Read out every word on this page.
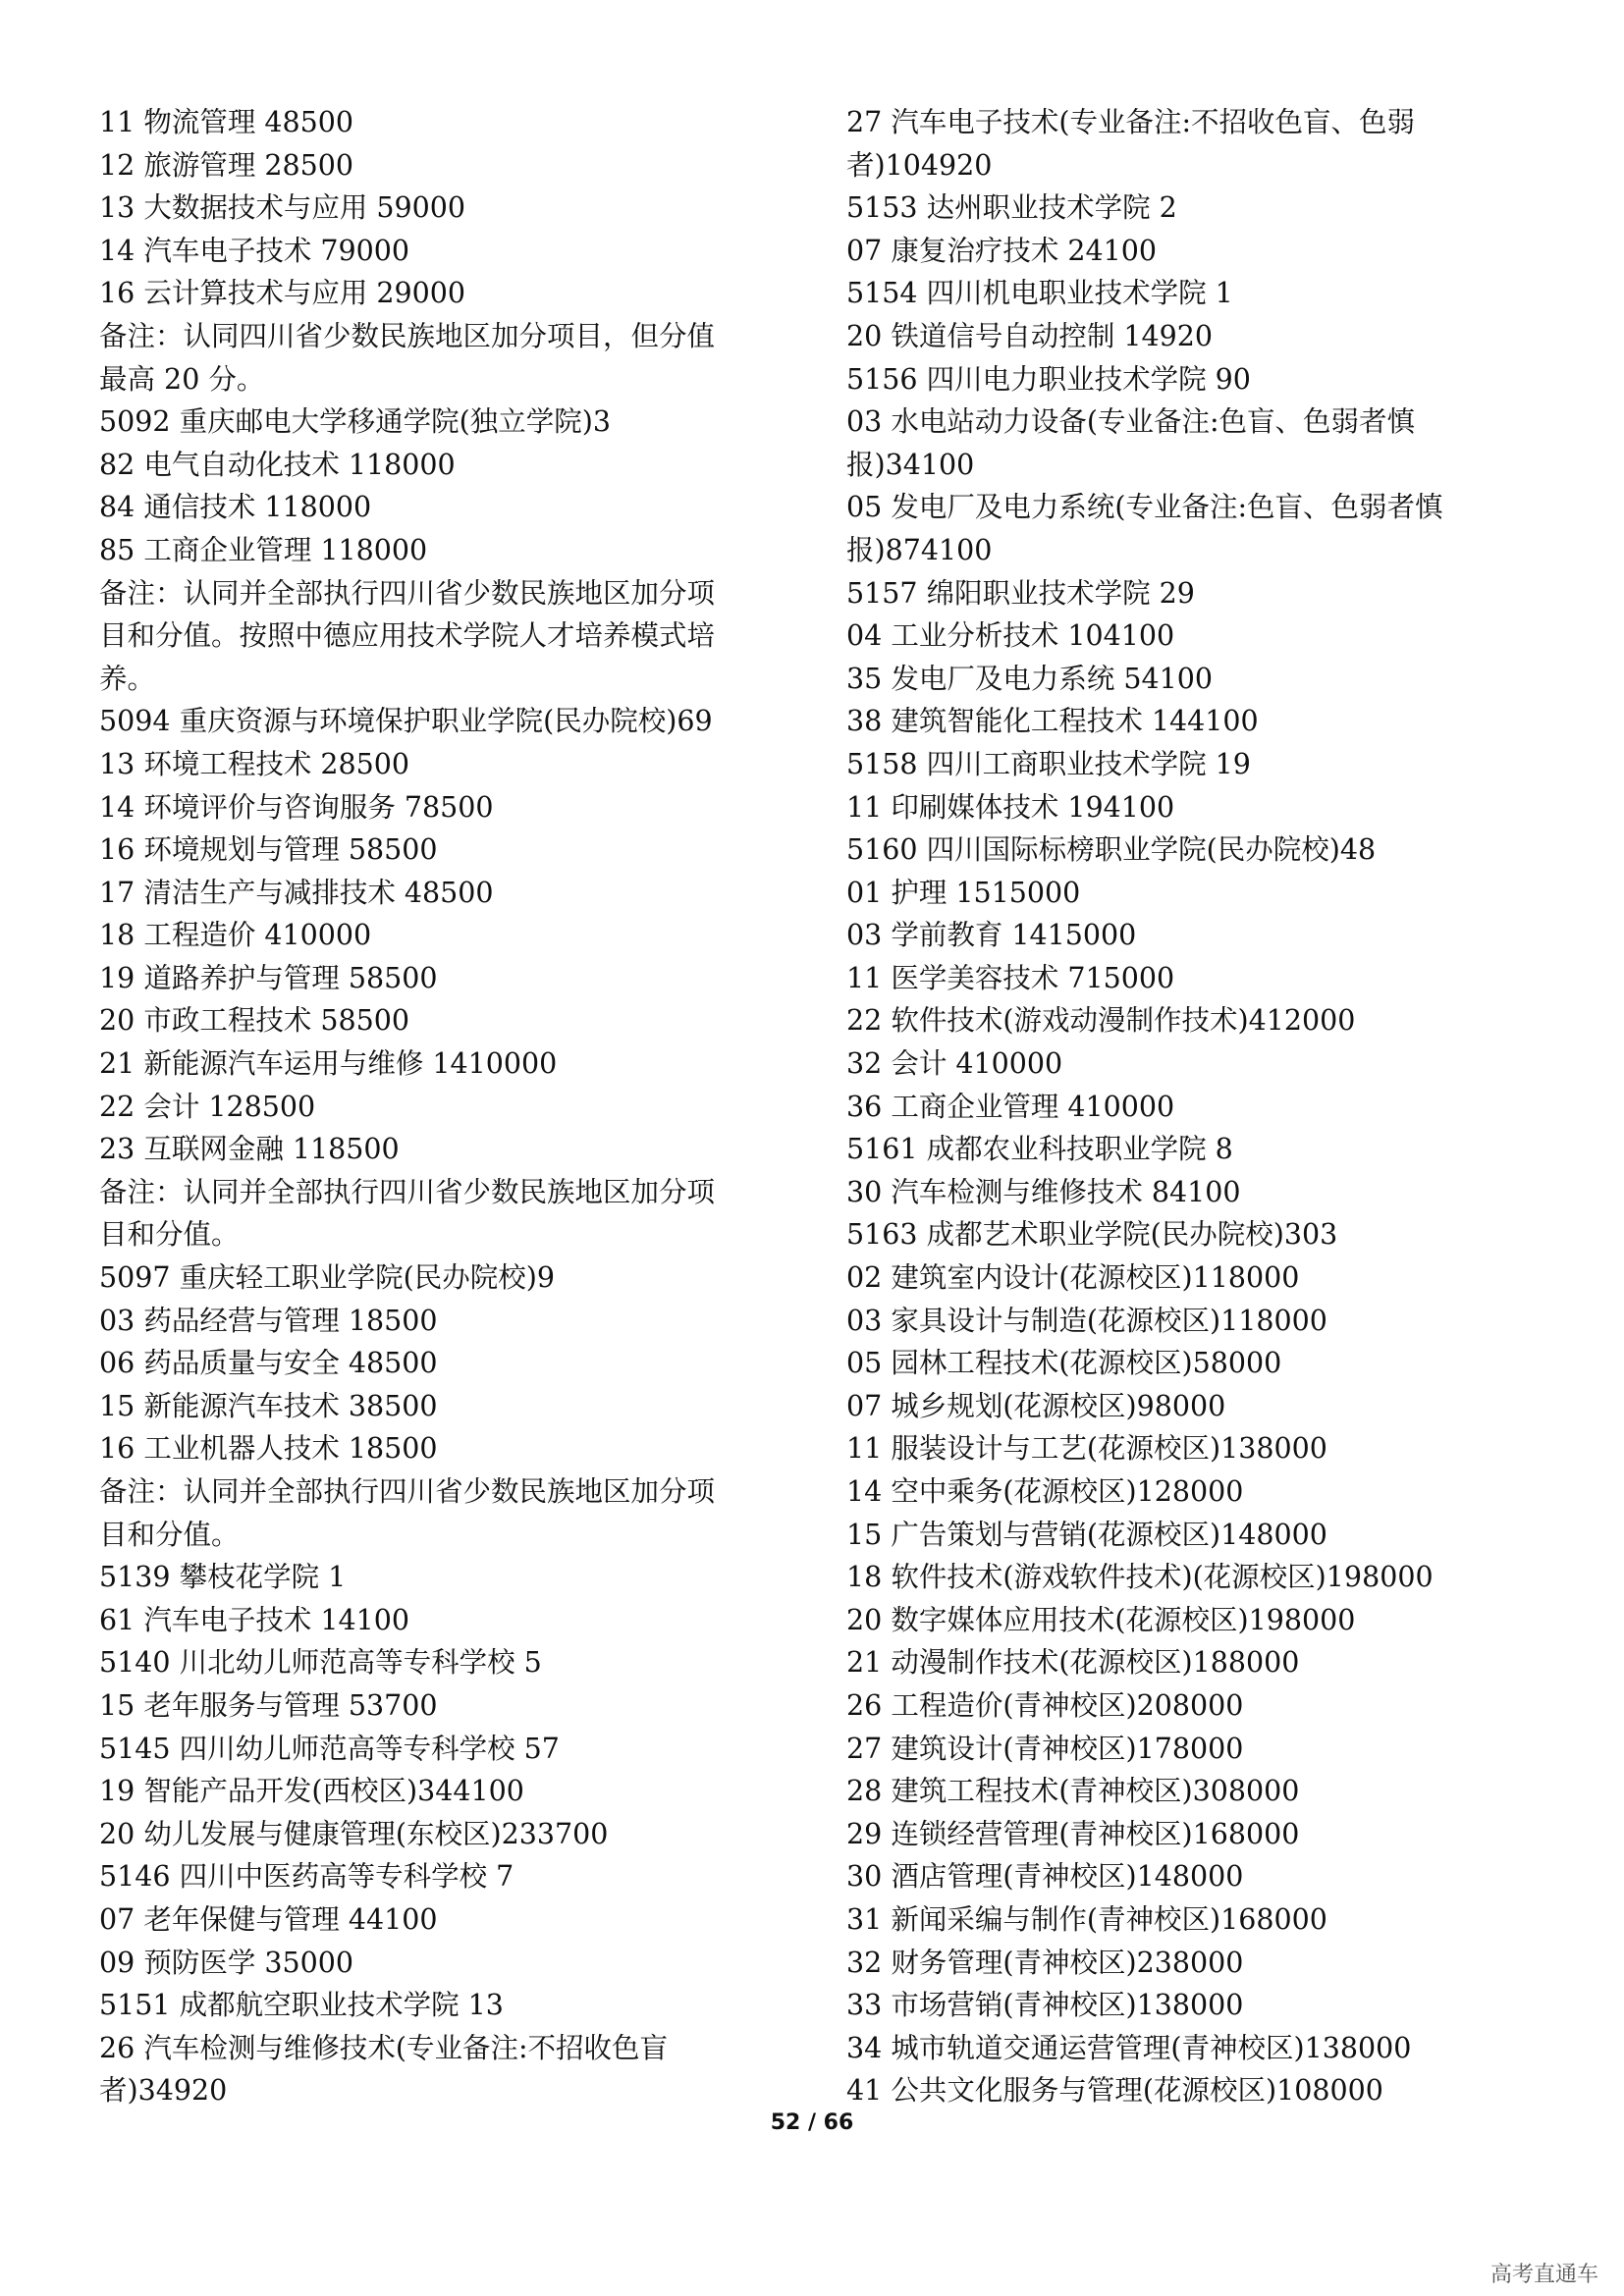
11 物流管理 48500
12 旅游管理 28500
13 大数据技术与应用 59000
14 汽车电子技术 79000
16 云计算技术与应用 29000
备注：认同四川省少数民族地区加分项目，但分值
最高 20 分。
5092 重庆邮电大学移通学院(独立学院)3
82 电气自动化技术 118000
84 通信技术 118000
85 工商企业管理 118000
备注：认同并全部执行四川省少数民族地区加分项
目和分值。按照中德应用技术学院人才培养模式培
养。
5094 重庆资源与环境保护职业学院(民办院校)69
13 环境工程技术 28500
14 环境评价与咨询服务 78500
16 环境规划与管理 58500
17 清洁生产与减排技术 48500
18 工程造价 410000
19 道路养护与管理 58500
20 市政工程技术 58500
21 新能源汽车运用与维修 1410000
22 会计 128500
23 互联网金融 118500
备注：认同并全部执行四川省少数民族地区加分项
目和分值。
5097 重庆轻工职业学院(民办院校)9
03 药品经营与管理 18500
06 药品质量与安全 48500
15 新能源汽车技术 38500
16 工业机器人技术 18500
备注：认同并全部执行四川省少数民族地区加分项
目和分值。
5139 攀枝花学院 1
61 汽车电子技术 14100
5140 川北幼儿师范高等专科学校 5
15 老年服务与管理 53700
5145 四川幼儿师范高等专科学校 57
19 智能产品开发(西校区)344100
20 幼儿发展与健康管理(东校区)233700
5146 四川中医药高等专科学校 7
07 老年保健与管理 44100
09 预防医学 35000
5151 成都航空职业技术学院 13
26 汽车检测与维修技术(专业备注:不招收色盲
者)34920
27 汽车电子技术(专业备注:不招收色盲、色弱
者)104920
5153 达州职业技术学院 2
07 康复治疗技术 24100
5154 四川机电职业技术学院 1
20 铁道信号自动控制 14920
5156 四川电力职业技术学院 90
03 水电站动力设备(专业备注:色盲、色弱者慎
报)34100
05 发电厂及电力系统(专业备注:色盲、色弱者慎
报)874100
5157 绵阳职业技术学院 29
04 工业分析技术 104100
35 发电厂及电力系统 54100
38 建筑智能化工程技术 144100
5158 四川工商职业技术学院 19
11 印刷媒体技术 194100
5160 四川国际标榜职业学院(民办院校)48
01 护理 1515000
03 学前教育 1415000
11 医学美容技术 715000
22 软件技术(游戏动漫制作技术)412000
32 会计 410000
36 工商企业管理 410000
5161 成都农业科技职业学院 8
30 汽车检测与维修技术 84100
5163 成都艺术职业学院(民办院校)303
02 建筑室内设计(花源校区)118000
03 家具设计与制造(花源校区)118000
05 园林工程技术(花源校区)58000
07 城乡规划(花源校区)98000
11 服装设计与工艺(花源校区)138000
14 空中乘务(花源校区)128000
15 广告策划与营销(花源校区)148000
18 软件技术(游戏软件技术)(花源校区)198000
20 数字媒体应用技术(花源校区)198000
21 动漫制作技术(花源校区)188000
26 工程造价(青神校区)208000
27 建筑设计(青神校区)178000
28 建筑工程技术(青神校区)308000
29 连锁经营管理(青神校区)168000
30 酒店管理(青神校区)148000
31 新闻采编与制作(青神校区)168000
32 财务管理(青神校区)238000
33 市场营销(青神校区)138000
34 城市轨道交通运营管理(青神校区)138000
41 公共文化服务与管理(花源校区)108000
52 / 66
高考直通车
